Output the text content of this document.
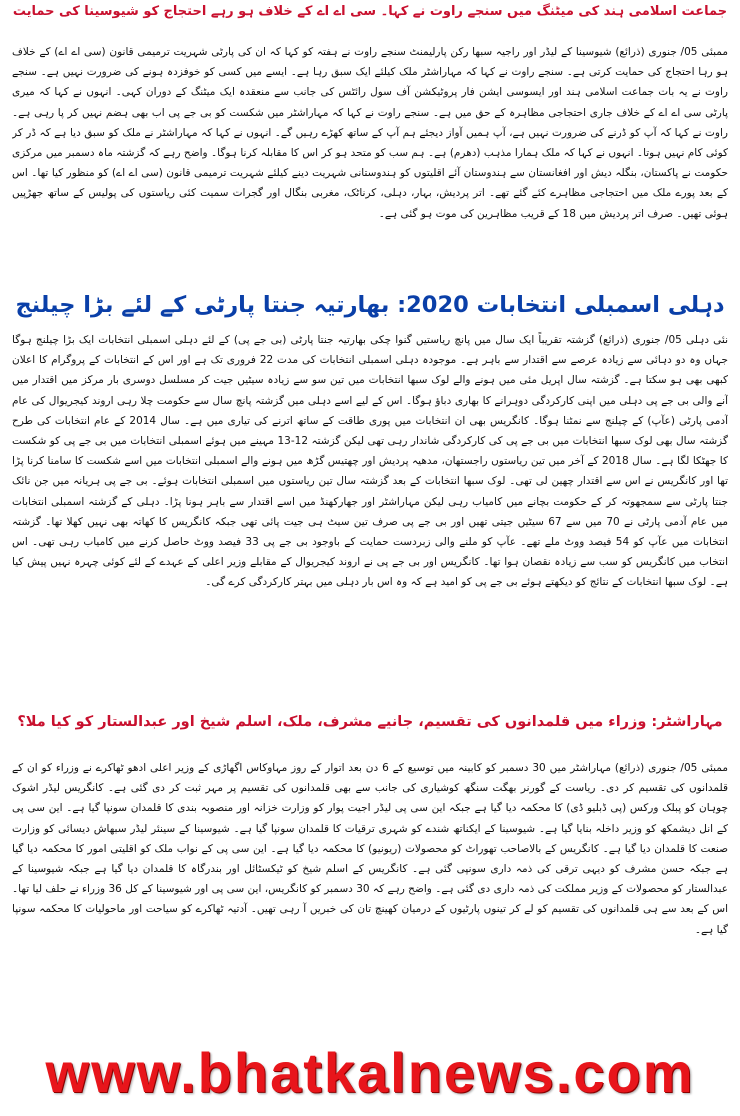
جماعت اسلامی ہند کی میٹنگ میں سنجے راوت نے کہا۔ سی اے اے کے خلاف ہو رہے احتجاج کو شیوسینا کی حمایت
ممبئی 05/ جنوری (ذرائع) شیوسینا کے لیڈر اور راجیہ سبھا رکن پارلیمنٹ سنجے راوت نے ہفتہ کو کہا کہ ان کی پارٹی شہریت ترمیمی قانون (سی اے اے) کے خلاف ہو رہا احتجاج کی حمایت کرتی ہے۔ سنجے راوت نے کہا کہ مہاراشٹر ملک کیلئے ایک سبق رہا ہے۔ ایسے میں کسی کو خوفزدہ ہونے کی ضرورت نہیں ہے۔ سنجے راوت نے یہ بات جماعت اسلامی ہند اور ایسوسی ایشن فار پروٹیکشن آف سول رائٹس کی جانب سے منعقدہ ایک میٹنگ کے دوران کہی۔ انہوں نے کہا کہ میری پارٹی سی اے اے کے خلاف جاری احتجاجی مظاہرہ کے حق میں ہے۔ سنجے راوت نے کہا کہ مہاراشٹر میں شکست کو بی جے پی اب بھی ہضم نہیں کر پا رہی ہے۔ راوت نے کہا کہ آپ کو ڈرنے کی ضرورت نہیں ہے، آپ ہمیں آواز دیجئے ہم آپ کے ساتھ کھڑے رہیں گے۔ انہوں نے کہا کہ مہاراشٹر نے ملک کو سبق دیا ہے کہ ڈر کر کوئی کام نہیں ہوتا۔ انہوں نے کہا کہ ملک ہمارا مذہب (دھرم) ہے۔ ہم سب کو متحد ہو کر اس کا مقابلہ کرنا ہوگا۔ واضح رہے کہ گزشتہ ماہ دسمبر میں مرکزی حکومت نے پاکستان، بنگلہ دیش اور افغانستان سے ہندوستان آئے اقلیتوں کو ہندوستانی شہریت دینے کیلئے شہریت ترمیمی قانون (سی اے اے) کو منظور کیا تھا۔ اس کے بعد پورے ملک میں احتجاجی مظاہرے کئے گئے تھے۔ اتر پردیش، بہار، دہلی، کرناٹک، مغربی بنگال اور گجرات سمیت کئی ریاستوں کی پولیس کے ساتھ جھڑپیں ہوئی تھیں۔ صرف اتر پردیش میں 18 کے قریب مظاہرین کی موت ہو گئی ہے۔
دہلی اسمبلی انتخابات 2020: بھارتیہ جنتا پارٹی کے لئے بڑا چیلنج
نئی دہلی 05/ جنوری (ذرائع) گزشتہ تقریباً ایک سال میں پانچ ریاستیں گنوا چکی بھارتیہ جنتا پارٹی (بی جے پی) کے لئے دہلی اسمبلی انتخابات ایک بڑا چیلنج ہوگا جہاں وہ دو دہائی سے زیادہ عرصے سے اقتدار سے باہر ہے۔ موجودہ دہلی اسمبلی انتخابات کی مدت 22 فروری تک ہے اور اس کے انتخابات کے پروگرام کا اعلان کبھی بھی ہو سکتا ہے۔ گزشتہ سال اپریل مئی میں ہونے والے لوک سبھا انتخابات میں تین سو سے زیادہ سیٹیں جیت کر مسلسل دوسری بار مرکز میں اقتدار میں آنے والی بی جے پی دہلی میں اپنی کارکردگی دوہرانے کا بھاری دباؤ ہوگا۔ اس کے لیے اسے دہلی میں گزشتہ پانچ سال سے حکومت چلا رہی اروند کیجریوال کی عام آدمی پارٹی (عآپ) کے چیلنج سے نمٹنا ہوگا۔ کانگریس بھی ان انتخابات میں پوری طاقت کے ساتھ اترنے کی تیاری میں ہے۔ سال 2014 کے عام انتخابات کی طرح گزشتہ سال بھی لوک سبھا انتخابات میں بی جے پی کی کارکردگی شاندار رہی تھی لیکن گزشتہ 12-13 مہینے میں ہوئے اسمبلی انتخابات میں بی جے پی کو شکست کا جھٹکا لگا ہے۔ سال 2018 کے آخر میں تین ریاستوں راجستھان، مدھیہ پردیش اور چھتیس گڑھ میں ہونے والے اسمبلی انتخابات میں اسے شکست کا سامنا کرنا پڑا تھا اور کانگریس نے اس سے اقتدار چھین لی تھی۔ لوک سبھا انتخابات کے بعد گزشتہ سال تین ریاستوں میں اسمبلی انتخابات ہوئے۔ بی جے پی ہریانہ میں جن نائک جنتا پارٹی سے سمجھوتہ کر کے حکومت بچانے میں کامیاب رہی لیکن مہاراشٹر اور جھارکھنڈ میں اسے اقتدار سے باہر ہونا پڑا۔ دہلی کے گزشتہ اسمبلی انتخابات میں عام آدمی پارٹی نے 70 میں سے 67 سیٹیں جیتی تھیں اور بی جے پی صرف تین سیٹ ہی جیت پائی تھی جبکہ کانگریس کا کھاتہ بھی نہیں کھلا تھا۔ گزشتہ انتخابات میں عآپ کو 54 فیصد ووٹ ملے تھے۔ عآپ کو ملنے والی زبردست حمایت کے باوجود بی جے پی 33 فیصد ووٹ حاصل کرنے میں کامیاب رہی تھی۔ اس انتخاب میں کانگریس کو سب سے زیادہ نقصان ہوا تھا۔ کانگریس اور بی جے پی نے اروند کیجریوال کے مقابلے وزیر اعلی کے عہدے کے لئے کوئی چہرہ نہیں پیش کیا ہے۔ لوک سبھا انتخابات کے نتائج کو دیکھتے ہوئے بی جے پی کو امید ہے کہ وہ اس بار دہلی میں بہتر کارکردگی کرے گی۔
مہاراشٹر: وزراء میں قلمدانوں کی تقسیم، جانیے مشرف، ملک، اسلم شیخ اور عبدالستار کو کیا ملا؟
ممبئی 05/ جنوری (ذرائع) مہاراشٹر میں 30 دسمبر کو کابینہ میں توسیع کے 6 دن بعد اتوار کے روز مہاوکاس اگھاڑی کے وزیر اعلی ادھو ٹھاکرے نے وزراء کو ان کے قلمدانوں کی تقسیم کر دی۔ ریاست کے گورنر بھگت سنگھ کوشیاری کی جانب سے بھی قلمدانوں کی تقسیم پر مہر ثبت کر دی گئی ہے۔ کانگریس لیڈر اشوک چوہان کو پبلک ورکس (پی ڈبلیو ڈی) کا محکمہ دیا گیا ہے جبکہ این سی پی لیڈر اجیت پوار کو وزارت خزانہ اور منصوبہ بندی کا قلمدان سونپا گیا ہے۔ این سی پی کے انل دیشمکھ کو وزیر داخلہ بنایا گیا ہے۔ شیوسینا کے ایکناتھ شندے کو شہری ترقیات کا قلمدان سونپا گیا ہے۔ شیوسینا کے سینئر لیڈر سبھاش دیسائی کو وزارت صنعت کا قلمدان دیا گیا ہے۔ کانگریس کے بالاصاحب تھوراٹ کو محصولات (ریونیو) کا محکمہ دیا گیا ہے۔ این سی پی کے نواب ملک کو اقلیتی امور کا محکمہ دیا گیا ہے جبکہ حسن مشرف کو دیہی ترقی کی ذمہ داری سونپی گئی ہے۔ کانگریس کے اسلم شیخ کو ٹیکسٹائل اور بندرگاہ کا قلمدان دیا گیا ہے جبکہ شیوسینا کے عبدالستار کو محصولات کے وزیر مملکت کی ذمہ داری دی گئی ہے۔ واضح رہے کہ 30 دسمبر کو کانگریس، این سی پی اور شیوسینا کے کل 36 وزراء نے حلف لیا تھا۔ اس کے بعد سے ہی قلمدانوں کی تقسیم کو لے کر تینوں پارٹیوں کے درمیان کھینچ تان کی خبریں آ رہی تھیں۔ آدتیہ ٹھاکرے کو سیاحت اور ماحولیات کا محکمہ سونپا گیا ہے۔
www.bhatkalnews.com
